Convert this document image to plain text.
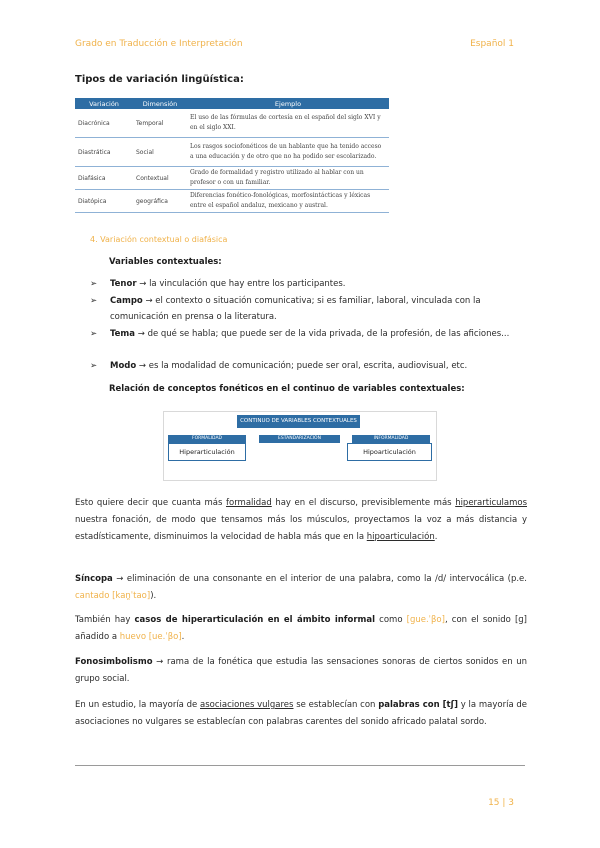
Grado en Traducción e Interpretación	Español 1
Tipos de variación lingüística:
Variación	Dimensión	Ejemplo
Diacrónica	Temporal	El uso de las fórmulas de cortesía en el español del siglo XVI y en el siglo XXI.
Diastrática	Social	Los rasgos sociofonéticos de un hablante que ha tenido acceso a una educación y de otro que no ha podido ser escolarizado.
Diafásica	Contextual	Grado de formalidad y registro utilizado al hablar con un profesor o con un familiar.
Diatópica	geográfica	Diferencias fonético-fonológicas, morfosintácticas y léxicas entre el español andaluz, mexicano y austral.
4. Variación contextual o diafásica
Variables contextuales:
➢	Tenor → la vinculación que hay entre los participantes.
➢	Campo → el contexto o situación comunicativa; si es familiar, laboral, vinculada con la comunicación en prensa o la literatura.
➢	Tema → de qué se habla; que puede ser de la vida privada, de la profesión, de las aficiones...
➢	Modo → es la modalidad de comunicación; puede ser oral, escrita, audiovisual, etc.
Relación de conceptos fonéticos en el continuo de variables contextuales:
CONTINUO DE VARIABLES CONTEXTUALES
FORMALIDAD	ESTANDARIZACIÓN	INFORMALIDAD
Hiperarticulación	Hipoarticulación
Esto quiere decir que cuanta más formalidad hay en el discurso, previsiblemente más hiperarticulamos nuestra fonación, de modo que tensamos más los músculos, proyectamos la voz a más distancia y estadísticamente, disminuimos la velocidad de habla más que en la hipoarticulación.
Síncopa → eliminación de una consonante en el interior de una palabra, como la /d/ intervocálica (p.e. cantado [kan̪ˈtao]).
También hay casos de hiperarticulación en el ámbito informal como [ɡue.ˈβo], con el sonido [ɡ] añadido a huevo [ue.ˈβo].
Fonosimbolismo → rama de la fonética que estudia las sensaciones sonoras de ciertos sonidos en un grupo social.
En un estudio, la mayoría de asociaciones vulgares se establecían con palabras con [tʃ] y la mayoría de asociaciones no vulgares se establecían con palabras carentes del sonido africado palatal sordo.
15 | 3
